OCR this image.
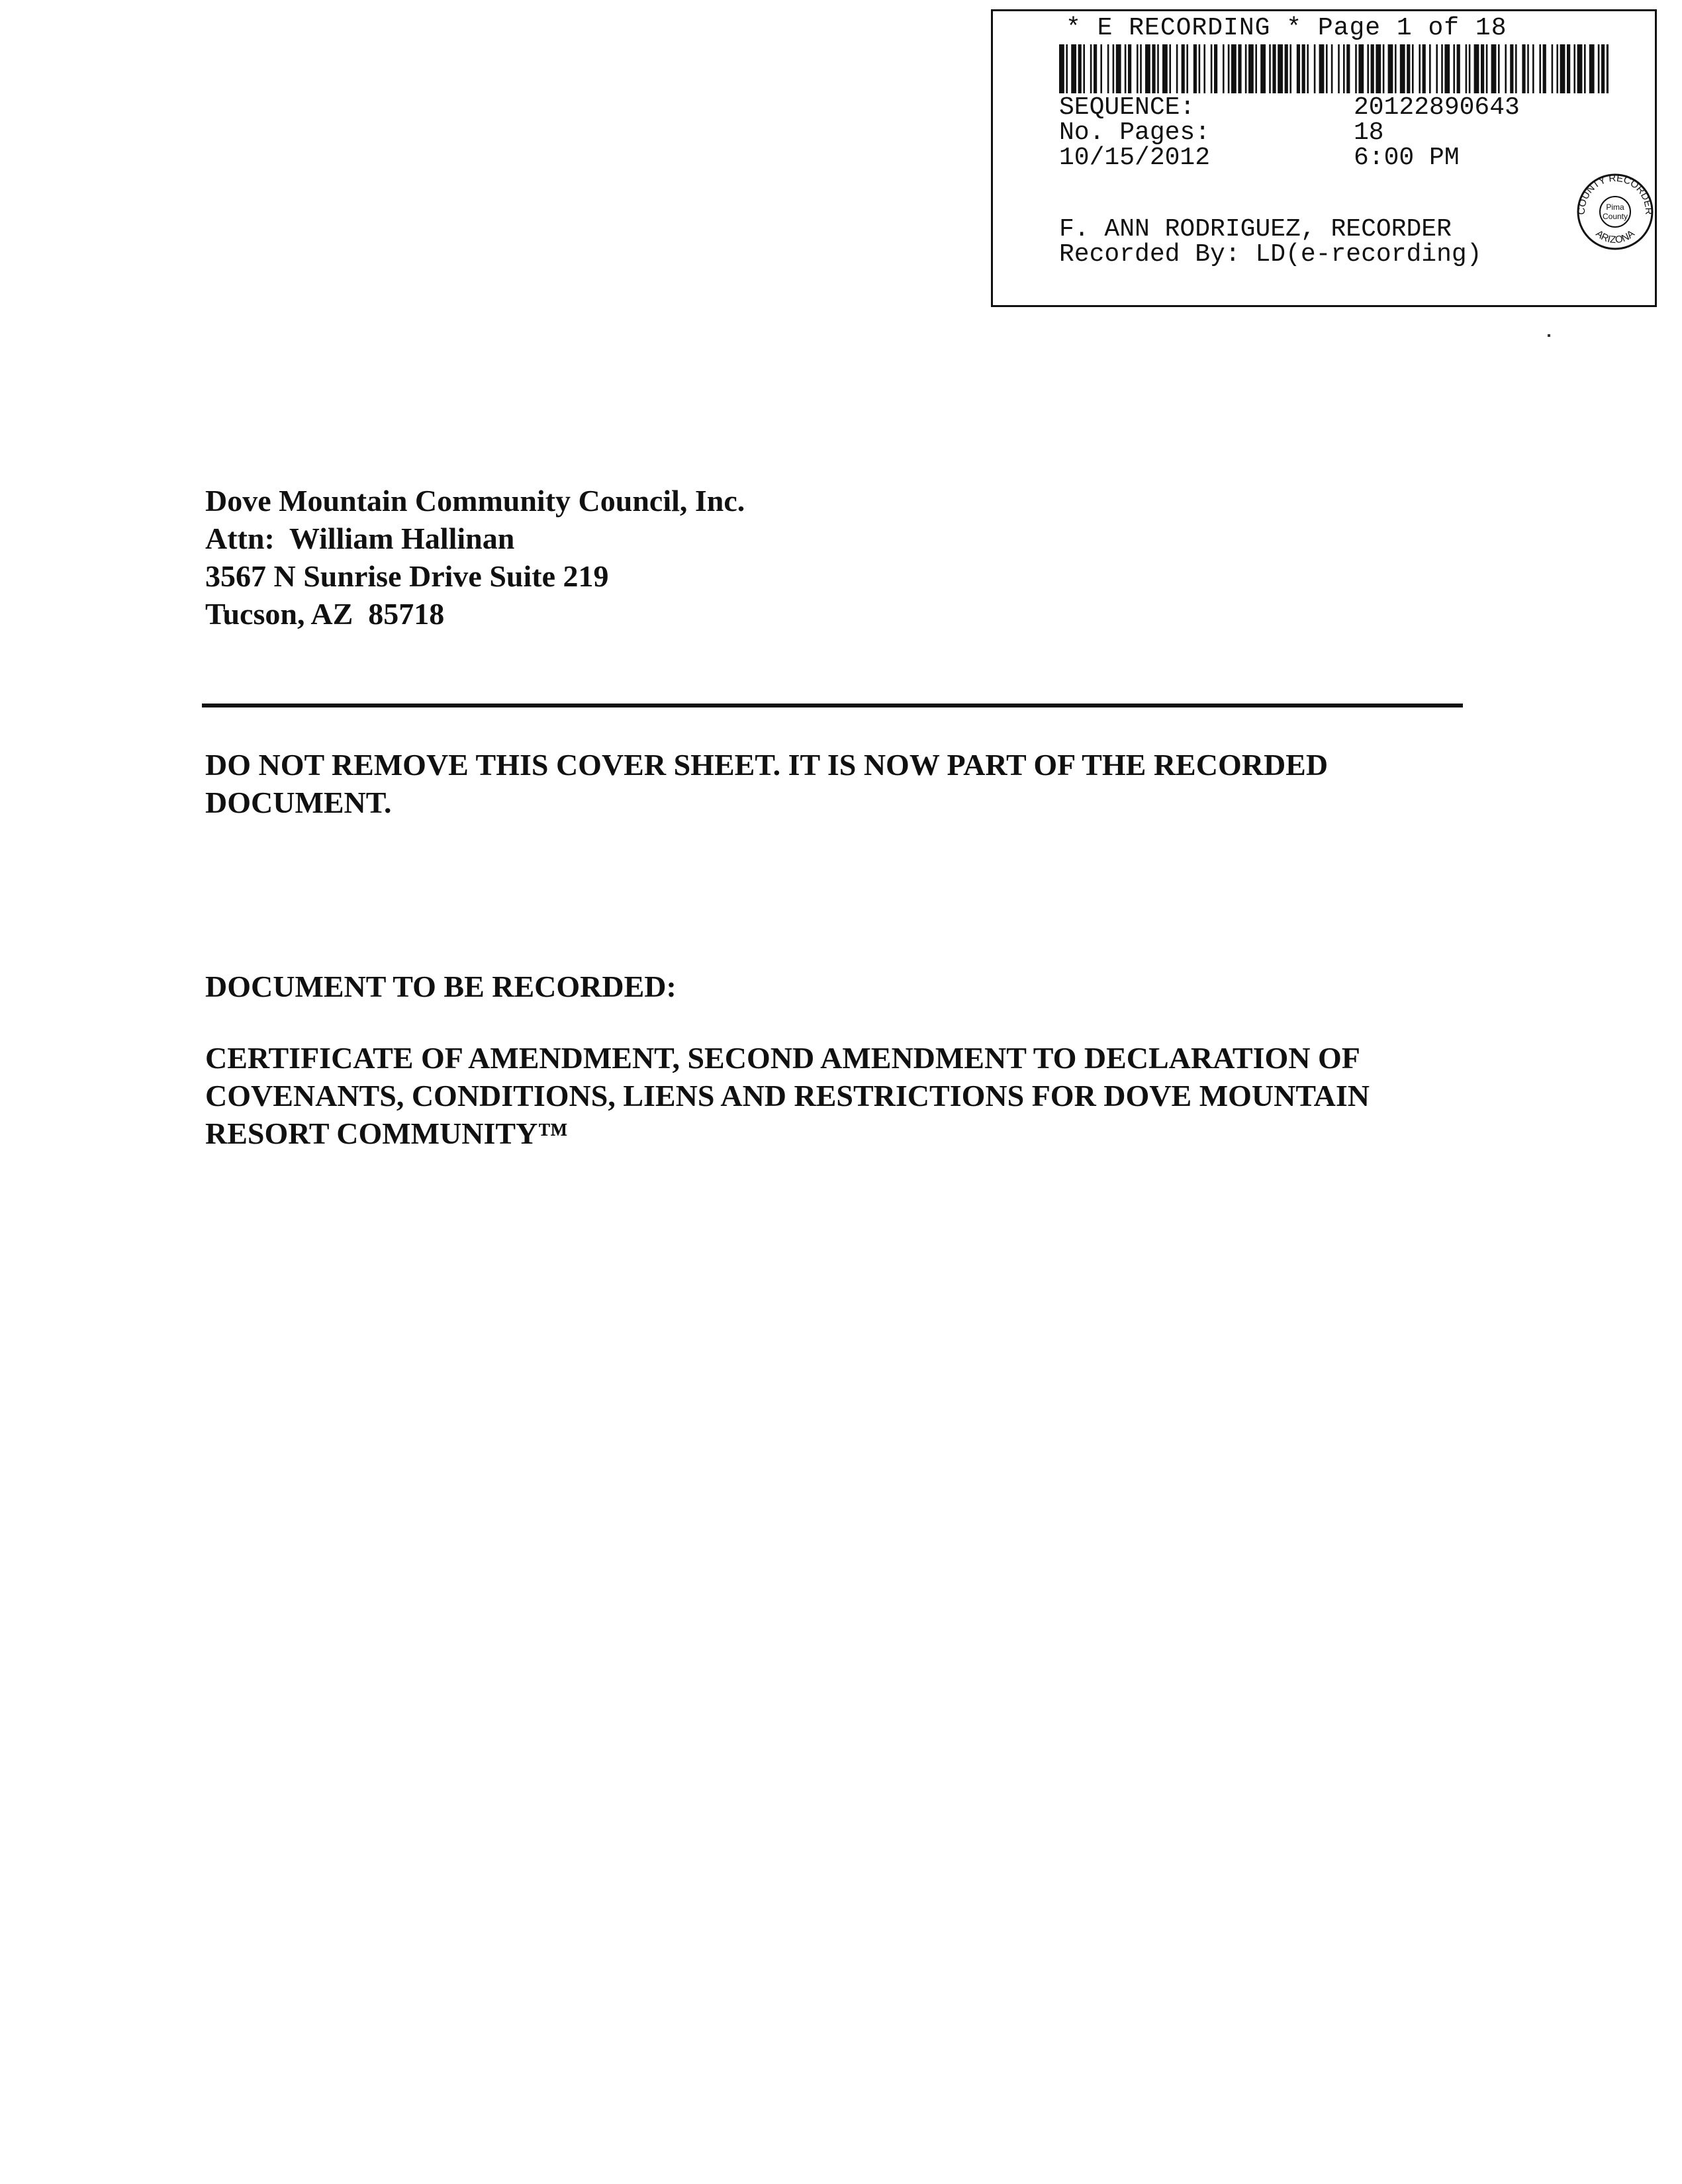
* E RECORDING * Page 1 of 18
SEQUENCE:	20122890643
No. Pages:	18
10/15/2012	6:00 PM
F. ANN RODRIGUEZ, RECORDER
Recorded By: LD(e-recording)
COUNTY RECORDER
ARIZONA
Pima
County
Dove Mountain Community Council, Inc.
Attn:  William Hallinan
3567 N Sunrise Drive Suite 219
Tucson, AZ  85718
DO NOT REMOVE THIS COVER SHEET. IT IS NOW PART OF THE RECORDED DOCUMENT.
DOCUMENT TO BE RECORDED:
CERTIFICATE OF AMENDMENT, SECOND AMENDMENT TO DECLARATION OF COVENANTS, CONDITIONS, LIENS AND RESTRICTIONS FOR DOVE MOUNTAIN RESORT COMMUNITY™
